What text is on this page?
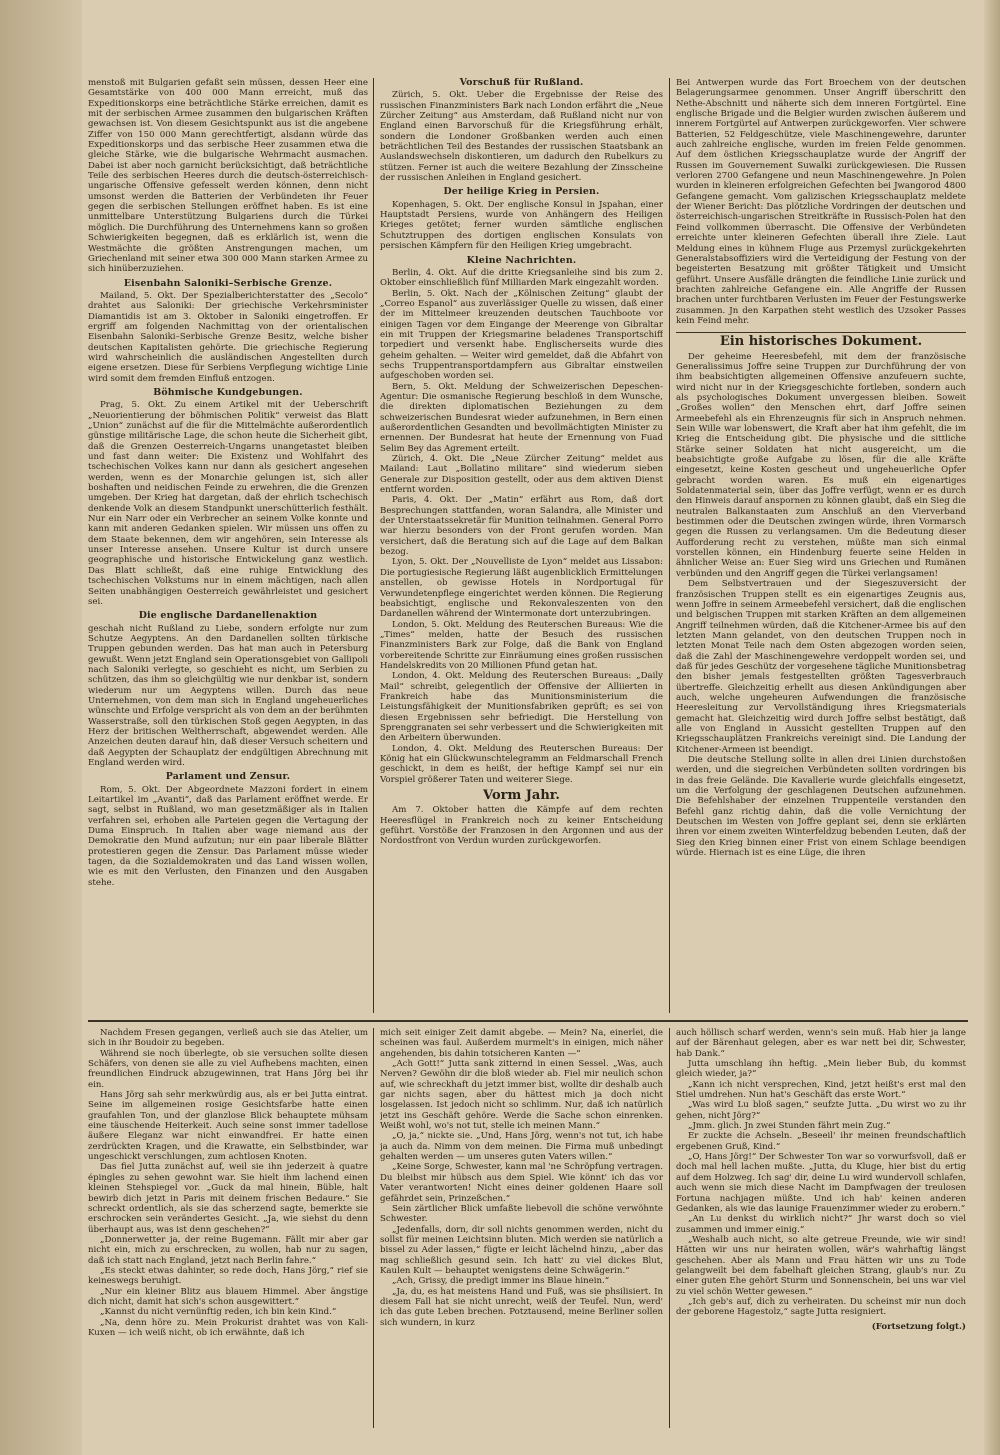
menstoß mit Bulgarien gefaßt sein müssen, dessen Heer eine Gesamtstärke von 400 000 Mann erreicht, muß das Expeditionskorps eine beträchtliche Stärke erreichen, damit es mit der serbischen Armee zusammen den bulgarischen Kräften gewachsen ist. Von diesem Gesichtspunkt aus ist die angebene Ziffer von 150 000 Mann gerechtfertigt, alsdann würde das Expeditionskorps und das serbische Heer zusammen etwa die gleiche Stärke, wie die bulgarische Wehrmacht ausmachen. Dabei ist aber noch garnicht berücksichtigt, daß beträchtliche Teile des serbischen Heeres durch die deutsch-österreichisch-ungarische Offensive gefesselt werden können, denn nicht umsonst werden die Batterien der Verbündeten ihr Feuer gegen die serbischen Stellungen eröffnet haben. Es ist eine unmittelbare Unterstützung Bulgariens durch die Türkei möglich. Die Durchführung des Unternehmens kann so großen Schwierigkeiten begegnen, daß es erklärlich ist, wenn die Westmächte die größten Anstrengungen machen, um Griechenland mit seiner etwa 300 000 Mann starken Armee zu sich hinüberzuziehen.

Eisenbahn Saloniki–Serbische Grenze.

Mailand, 5. Okt. Der Spezialberichterstatter des „Secolo“ drahtet aus Saloniki: Der griechische Verkehrsminister Diamantidis ist am 3. Oktober in Saloniki eingetroffen. Er ergriff am folgenden Nachmittag von der orientalischen Eisenbahn Saloniki–Serbische Grenze Besitz, welche bisher deutschen Kapitalisten gehörte. Die griechische Regierung wird wahrscheinlich die ausländischen Angestellten durch eigene ersetzen. Diese für Serbiens Verpflegung wichtige Linie wird somit dem fremden Einfluß entzogen.

Böhmische Kundgebungen.

Prag, 5. Okt. Zu einem Artikel mit der Ueberschrift „Neuorientierung der böhmischen Politik“ verweist das Blatt „Union“ zunächst auf die für die Mittelmächte außerordentlich günstige militärische Lage, die schon heute die Sicherheit gibt, daß die Grenzen Oesterreich-Ungarns unangetastet bleiben und fast dann weiter: Die Existenz und Wohlfahrt des tschechischen Volkes kann nur dann als gesichert angesehen werden, wenn es der Monarchie gelungen ist, sich aller boshaften und neidischen Feinde zu erwehren, die die Grenzen umgeben. Der Krieg hat dargetan, daß der ehrlich tschechisch denkende Volk an diesem Standpunkt unerschütterlich festhält. Nur ein Narr oder ein Verbrecher an seinem Volke konnte und kann mit anderen Gedanken spielen. Wir müssen uns offen zu dem Staate bekennen, dem wir angehören, sein Interesse als unser Interesse ansehen. Unsere Kultur ist durch unsere geographische und historische Entwickelung ganz westlich. Das Blatt schließt, daß eine ruhige Entwicklung des tschechischen Volkstums nur in einem mächtigen, nach allen Seiten unabhängigen Oesterreich gewährleistet und gesichert sei.

Die englische Dardanellenaktion

geschah nicht Rußland zu Liebe, sondern erfolgte nur zum Schutze Aegyptens. An den Dardanellen sollten türkische Truppen gebunden werden. Das hat man auch in Petersburg gewußt. Wenn jetzt England sein Operationsgebiet von Gallipoli nach Saloniki verlegte, so geschieht es nicht, um Serbien zu schützen, das ihm so gleichgültig wie nur denkbar ist, sondern wiederum nur um Aegyptens willen. Durch das neue Unternehmen, von dem man sich in England ungeheuerliches wünschte und Erfolge verspricht als von dem an der berühmten Wasserstraße, soll den türkischen Stoß gegen Aegypten, in das Herz der britischen Weltherrschaft, abgewendet werden. Alle Anzeichen deuten darauf hin, daß dieser Versuch scheitern und daß Aegypten der Schauplatz der endgültigen Abrechnung mit England werden wird.

Parlament und Zensur.

Rom, 5. Okt. Der Abgeordnete Mazzoni fordert in einem Leitartikel im „Avanti“, daß das Parlament eröffnet werde. Er sagt, selbst in Rußland, wo man gesetzmäßiger als in Italien verfahren sei, erhoben alle Parteien gegen die Vertagung der Duma Einspruch. In Italien aber wage niemand aus der Demokratie den Mund aufzutun; nur ein paar liberale Blätter protestieren gegen die Zensur. Das Parlament müsse wieder tagen, da die Sozialdemokraten und das Land wissen wollen, wie es mit den Verlusten, den Finanzen und den Ausgaben stehe.

Vorschuß für Rußland.

Zürich, 5. Okt. Ueber die Ergebnisse der Reise des russischen Finanzministers Bark nach London erfährt die „Neue Zürcher Zeitung“ aus Amsterdam, daß Rußland nicht nur von England einen Barvorschuß für die Kriegsführung erhält, sondern die Londoner Großbanken werden auch einen beträchtlichen Teil des Bestandes der russischen Staatsbank an Auslandswechseln diskontieren, um dadurch den Rubelkurs zu stützen. Ferner ist auch die weitere Bezahlung der Zinsscheine der russischen Anleihen in England gesichert.

Der heilige Krieg in Persien.

Kopenhagen, 5. Okt. Der englische Konsul in Jspahan, einer Hauptstadt Persiens, wurde von Anhängern des Heiligen Krieges getötet; ferner wurden sämtliche englischen Schutztruppen des dortigen englischen Konsulats von persischen Kämpfern für den Heiligen Krieg umgebracht.

Kleine Nachrichten.

Berlin, 4. Okt. Auf die dritte Kriegsanleihe sind bis zum 2. Oktober einschließlich fünf Milliarden Mark eingezahlt worden.

Berlin, 5. Okt. Nach der „Kölnischen Zeitung“ glaubt der „Correo Espanol“ aus zuverlässiger Quelle zu wissen, daß einer der im Mittelmeer kreuzenden deutschen Tauchboote vor einigen Tagen vor dem Eingange der Meerenge von Gibraltar ein mit Truppen der Kriegsmarine beladenes Transportschiff torpediert und versenkt habe. Englischerseits wurde dies geheim gehalten. — Weiter wird gemeldet, daß die Abfahrt von sechs Truppentransportdampfern aus Gibraltar einstweilen aufgeschoben worden sei.

Bern, 5. Okt. Meldung der Schweizerischen Depeschen-Agentur: Die osmanische Regierung beschloß in dem Wunsche, die direkten diplomatischen Beziehungen zu dem schweizerischen Bundesrat wieder aufzunehmen, in Bern einen außerordentlichen Gesandten und bevollmächtigten Minister zu ernennen. Der Bundesrat hat heute der Ernennung von Fuad Selim Bey das Agrement erteilt.

Zürich, 4. Okt. Die „Neue Zürcher Zeitung“ meldet aus Mailand: Laut „Bollatino militare“ sind wiederum sieben Generale zur Disposition gestellt, oder aus dem aktiven Dienst entfernt worden.

Paris, 4. Okt. Der „Matin“ erfährt aus Rom, daß dort Besprechungen stattfanden, woran Salandra, alle Minister und der Unterstaatssekretär für Munition teilnahmen. General Porro war hierzu besonders von der Front gerufen worden. Man versichert, daß die Beratung sich auf die Lage auf dem Balkan bezog.

Lyon, 5. Okt. Der „Nouvelliste de Lyon“ meldet aus Lissabon: Die portugiesische Regierung läßt augenblicklich Ermittelungen anstellen, ob gewisse Hotels in Nordportugal für Verwundetenpflege eingerichtet werden können. Die Regierung beabsichtigt, englische und Rekonvaleszenten von den Dardanellen während der Wintermonate dort unterzubringen.

London, 5. Okt. Meldung des Reuterschen Bureaus: Wie die „Times“ melden, hatte der Besuch des russischen Finanzministers Bark zur Folge, daß die Bank von England vorbereitende Schritte zur Einräumung eines großen russischen Handelskredits von 20 Millionen Pfund getan hat.

London, 4. Okt. Meldung des Reuterschen Bureaus: „Daily Mail“ schreibt, gelegentlich der Offensive der Alliierten in Frankreich habe das Munitionsministerium die Leistungsfähigkeit der Munitionsfabriken geprüft; es sei von diesen Ergebnissen sehr befriedigt. Die Herstellung von Sprenggranaten sei sehr verbessert und die Schwierigkeiten mit den Arbeitern überwunden.

London, 4. Okt. Meldung des Reuterschen Bureaus: Der König hat ein Glückwunschtelegramm an Feldmarschall French geschickt, in dem es heißt, der heftige Kampf sei nur ein Vorspiel größerer Taten und weiterer Siege.

Vorm Jahr.

Am 7. Oktober hatten die Kämpfe auf dem rechten Heeresflügel in Frankreich noch zu keiner Entscheidung geführt. Vorstöße der Franzosen in den Argonnen und aus der Nordostfront von Verdun wurden zurückgeworfen.

Bei Antwerpen wurde das Fort Broechem von der deutschen Belagerungsarmee genommen. Unser Angriff überschritt den Nethe-Abschnitt und näherte sich dem inneren Fortgürtel. Eine englische Brigade und die Belgier wurden zwischen äußerem und innerem Fortgürtel auf Antwerpen zurückgeworfen. Vier schwere Batterien, 52 Feldgeschütze, viele Maschinengewehre, darunter auch zahlreiche englische, wurden im freien Felde genommen. Auf dem östlichen Kriegsschauplatze wurde der Angriff der Russen im Gouvernement Suwalki zurückgewiesen. Die Russen verloren 2700 Gefangene und neun Maschinengewehre. Jn Polen wurden in kleineren erfolgreichen Gefechten bei Jwangorod 4800 Gefangene gemacht. Vom galizischen Kriegsschauplatz meldete der Wiener Bericht: Das plötzliche Vordringen der deutschen und österreichisch-ungarischen Streitkräfte in Russisch-Polen hat den Feind vollkommen überrascht. Die Offensive der Verbündeten erreichte unter kleineren Gefechten überall ihre Ziele. Laut Meldung eines in kühnem Fluge aus Przemysl zurückgekehrten Generalstabsoffiziers wird die Verteidigung der Festung von der begeisterten Besatzung mit größter Tätigkeit und Umsicht geführt. Unsere Ausfälle drängten die feindliche Linie zurück und brachten zahlreiche Gefangene ein. Alle Angriffe der Russen brachen unter furchtbaren Verlusten im Feuer der Festungswerke zusammen. Jn den Karpathen steht westlich des Uzsoker Passes kein Feind mehr.

Ein historisches Dokument.

Der geheime Heeresbefehl, mit dem der französische Generalissimus Joffre seine Truppen zur Durchführung der von ihm beabsichtigten allgemeinen Offensive anzufeuern suchte, wird nicht nur in der Kriegsgeschichte fortleben, sondern auch als psychologisches Dokument unvergessen bleiben. Soweit „Großes wollen“ den Menschen ehrt, darf Joffre seinen Armeebefehl als ein Ehrenzeugnis für sich in Anspruch nehmen. Sein Wille war lobenswert, die Kraft aber hat ihm gefehlt, die im Krieg die Entscheidung gibt. Die physische und die sittliche Stärke seiner Soldaten hat nicht ausgereicht, um die beabsichtigte große Aufgabe zu lösen, für die alle Kräfte eingesetzt, keine Kosten gescheut und ungeheuerliche Opfer gebracht worden waren. Es muß ein eigenartiges Soldatenmaterial sein, über das Joffre verfügt, wenn er es durch den Hinweis darauf anspornen zu können glaubt, daß ein Sieg die neutralen Balkanstaaten zum Anschluß an den Vierverband bestimmen oder die Deutschen zwingen würde, ihren Vormarsch gegen die Russen zu verlangsamen. Um die Bedeutung dieser Aufforderung recht zu verstehen, müßte man sich einmal vorstellen können, ein Hindenburg feuerte seine Helden in ähnlicher Weise an: Euer Sieg wird uns Griechen und Rumänen verbünden und den Angriff gegen die Türkei verlangsamen!

Dem Selbstvertrauen und der Siegeszuversicht der französischen Truppen stellt es ein eigenartiges Zeugnis aus, wenn Joffre in seinem Armeebefehl versichert, daß die englischen und belgischen Truppen mit starken Kräften an dem allgemeinen Angriff teilnehmen würden, daß die Kitchener-Armee bis auf den letzten Mann gelandet, von den deutschen Truppen noch in letzten Monat Teile nach dem Osten abgezogen worden seien, daß die Zahl der Maschinengewehre verdoppelt worden sei, und daß für jedes Geschütz der vorgesehene tägliche Munitionsbetrag den bisher jemals festgestellten größten Tagesverbrauch übertreffe. Gleichzeitig erhellt aus diesen Ankündigungen aber auch, welche ungeheuren Aufwendungen die französische Heeresleitung zur Vervollständigung ihres Kriegsmaterials gemacht hat. Gleichzeitig wird durch Joffre selbst bestätigt, daß alle von England in Aussicht gestellten Truppen auf den Kriegsschauplätzen Frankreichs vereinigt sind. Die Landung der Kitchener-Armeen ist beendigt.

Die deutsche Stellung sollte in allen drei Linien durchstoßen werden, und die siegreichen Verbündeten sollten vordringen bis in das freie Gelände. Die Kavallerie wurde gleichfalls eingesetzt, um die Verfolgung der geschlagenen Deutschen aufzunehmen. Die Befehlshaber der einzelnen Truppenteile verstanden den Befehl ganz richtig dahin, daß die volle Vernichtung der Deutschen im Westen von Joffre geplant sei, denn sie erklärten ihren vor einem zweiten Winterfeldzug bebenden Leuten, daß der Sieg den Krieg binnen einer Frist von einem Schlage beendigen würde. Hiernach ist es eine Lüge, die ihren

Nachdem Fresen gegangen, verließ auch sie das Atelier, um sich in ihr Boudoir zu begeben.

Während sie noch überlegte, ob sie versuchen sollte diesen Schäfers, von denen sie alle zu viel Aufhebens machten, einen freundlichen Eindruck abzugewinnen, trat Hans Jörg bei ihr ein.

Hans Jörg sah sehr merkwürdig aus, als er bei Jutta eintrat. Seine im allgemeinen rosige Gesichtsfarbe hatte einen graufahlen Ton, und der glanzlose Blick behauptete mühsam eine täuschende Heiterkeit. Auch seine sonst immer tadellose äußere Eleganz war nicht einwandfrei. Er hatte einen zerdrückten Kragen, und die Krawatte, ein Selbstbinder, war ungeschickt verschlungen, zum achtlosen Knoten.

Das fiel Jutta zunächst auf, weil sie ihn jederzeit à quatre épingles zu sehen gewohnt war. Sie hielt ihm lachend einen kleinen Stehspiegel vor. „Guck da mal hinein, Büble, halt bewirb dich jetzt in Paris mit deinem frischen Bedaure.“ Sie schreckt ordentlich, als sie das scherzend sagte, bemerkte sie erschrocken sein verändertes Gesicht. „Ja, wie siehst du denn überhaupt aus, was ist denn geschehen?“

„Donnerwetter ja, der reine Bugemann. Fällt mir aber gar nicht ein, mich zu erschrecken, zu wollen, hab nur zu sagen, daß ich statt nach England, jetzt nach Berlin fahre.“

„Es steckt etwas dahinter, so rede doch, Hans Jörg,“ rief sie keineswegs beruhigt.

„Nur ein kleiner Blitz aus blauem Himmel. Aber ängstige dich nicht, damit hat sich's schon ausgewittert.“

„Kannst du nicht vernünftig reden, ich bin kein Kind.“

„Na, denn höre zu. Mein Prokurist drahtet was von Kali-Kuxen — ich weiß nicht, ob ich erwähnte, daß ich

mich seit einiger Zeit damit abgebe. — Mein? Na, einerlei, die scheinen was faul. Außerdem murmelt's in einigen, mich näher angehenden, bis dahin totsicheren Kanten —“

„Ach Gott!“ Jutta sank zitternd in einen Sessel. „Was, auch Nerven? Gewöhn dir die bloß wieder ab. Fiel mir neulich schon auf, wie schreckhaft du jetzt immer bist, wollte dir deshalb auch gar nichts sagen, aber du hättest mich ja doch nicht losgelassen. Ist jedoch nicht so schlimm. Nur, daß ich natürlich jetzt ins Geschäft gehöre. Werde die Sache schon einrenken. Weißt wohl, wo's not tut, stelle ich meinen Mann.“

„O, ja,“ nickte sie. „Und, Hans Jörg, wenn's not tut, ich habe ja auch da. Nimm von dem meinen. Die Firma muß unbedingt gehalten werden — um unseres guten Vaters willen.“

„Keine Sorge, Schwester, kann mal 'ne Schröpfung vertragen. Du bleibst mir hübsch aus dem Spiel. Wie könnt' ich das vor Vater verantworten! Nicht eines deiner goldenen Haare soll gefährdet sein, Prinzeßchen.“

Sein zärtlicher Blick umfaßte liebevoll die schöne verwöhnte Schwester.

„Jedenfalls, dorn, dir soll nichts genommen werden, nicht du sollst für meinen Leichtsinn bluten. Mich werden sie natürlich a bissel zu Ader lassen,“ fügte er leicht lächelnd hinzu, „aber das mag schließlich gesund sein. Ich hatt' zu viel dickes Blut, Kaulen Kult — behauptet wenigstens deine Schwägerin.“

„Ach, Grissy, die predigt immer ins Blaue hinein.“

„Ja, du, es hat meistens Hand und Fuß, was sie phsilisiert. In diesem Fall hat sie nicht unrecht, weiß der Teufel. Nun, werd' ich das gute Leben brechen. Potztausend, meine Berliner sollen sich wundern, in kurz

auch höllisch scharf werden, wenn's sein muß. Hab hier ja lange auf der Bärenhaut gelegen, aber es war nett bei dir, Schwester, hab Dank.“

Jutta umschlang ihn heftig. „Mein lieber Bub, du kommst gleich wieder, ja?“

„Kann ich nicht versprechen, Kind, jetzt heißt's erst mal den Stiel umdrehen. Nun hat's Geschäft das erste Wort.“

„Was wird Lu bloß sagen,“ seufzte Jutta. „Du wirst wo zu ihr gehen, nicht Jörg?“

„Jmm. glich. Jn zwei Stunden fährt mein Zug.“

Er zuckte die Achseln. „Beseeil' ihr meinen freundschaftlich ergebenen Gruß, Kind.“

„O, Hans Jörg!“ Der Schwester Ton war so vorwurfsvoll, daß er doch mal hell lachen mußte. „Jutta, du Kluge, hier bist du ertig auf dem Holzweg. Ich sag' dir, deine Lu wird wundervoll schlafen, auch wenn sie mich diese Nacht im Dampfwagen der treulosen Fortuna nachjagen müßte. Und ich hab' keinen anderen Gedanken, als wie das launige Frauenzimmer wieder zu erobern.“

„An Lu denkst du wirklich nicht?“ Jhr warst doch so viel zusammen und immer einig.“

„Weshalb auch nicht, so alte getreue Freunde, wie wir sind! Hätten wir uns nur heiraten wollen, wär's wahrhaftig längst geschehen. Aber als Mann und Frau hätten wir uns zu Tode gelangweilt bei dem fabelhaft gleichen Strang, glaub's nur. Zu einer guten Ehe gehört Sturm und Sonnenschein, bei uns war viel zu viel schön Wetter gewesen.“

„Ich geb's auf, dich zu verheiraten. Du scheinst mir nun doch der geborene Hagestolz,“ sagte Jutta resigniert.

(Fortsetzung folgt.)
